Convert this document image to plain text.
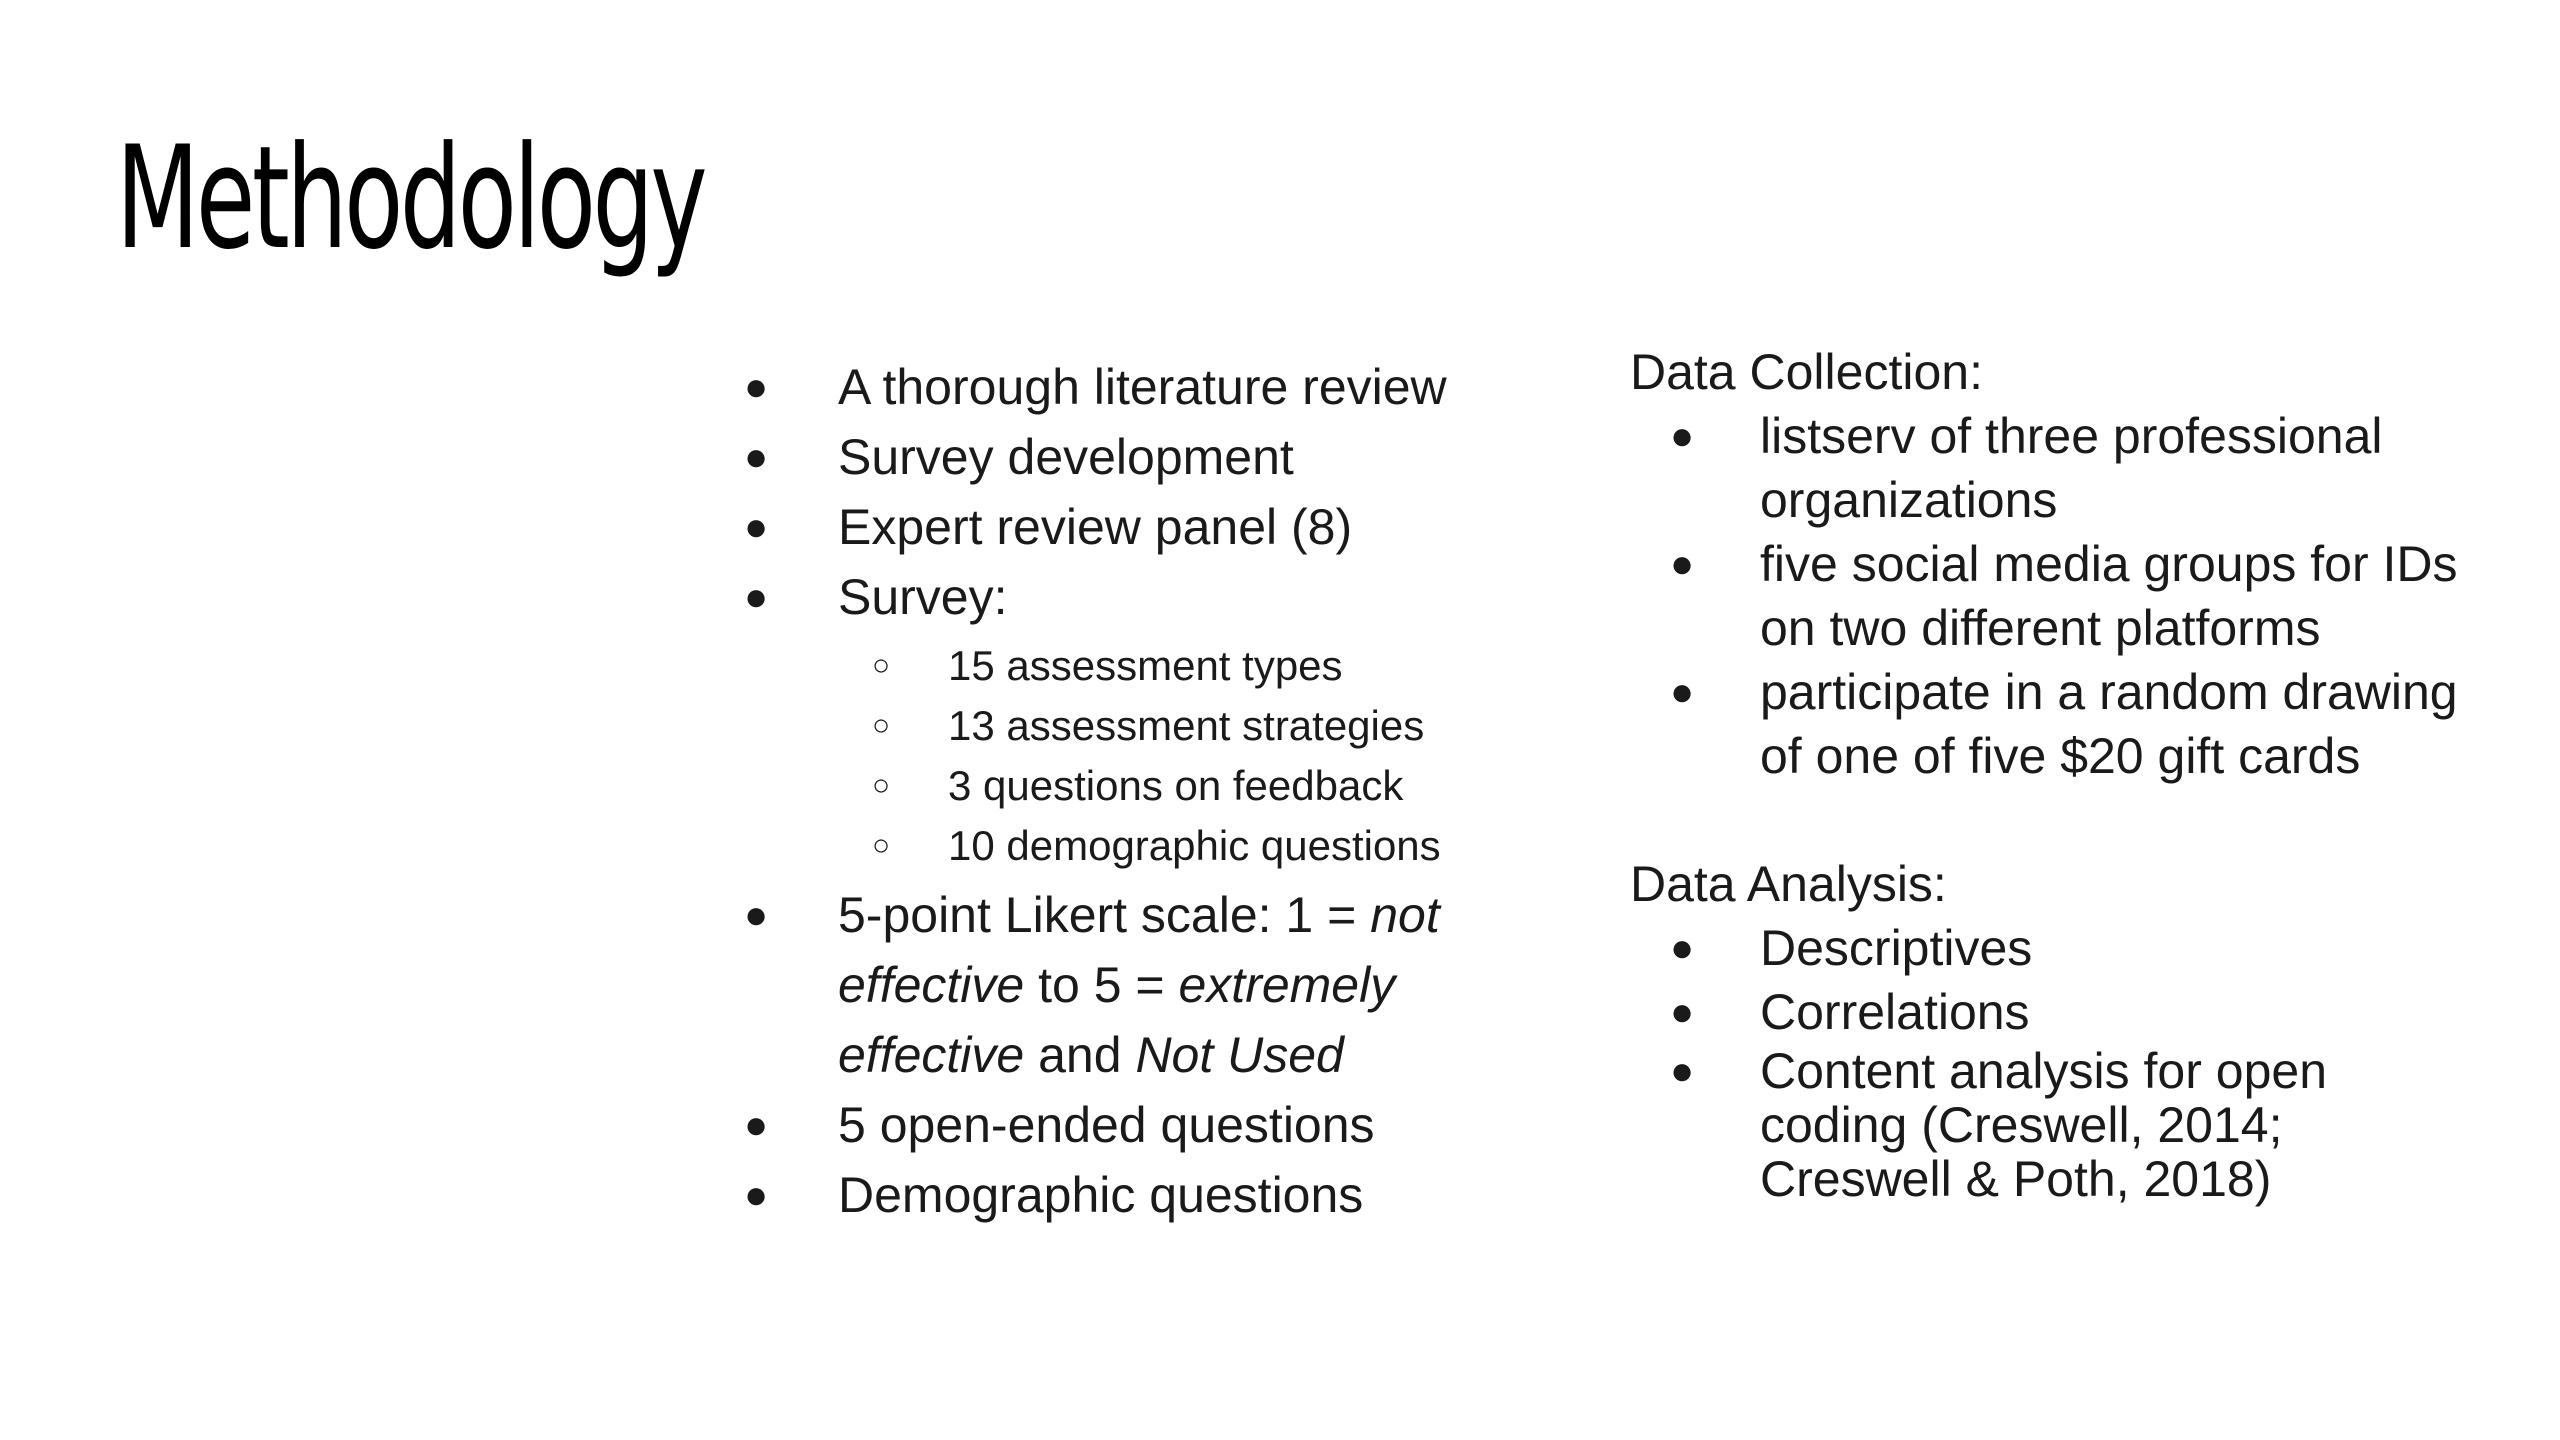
Methodology
● A thorough literature review
● Survey development
● Expert review panel (8)
● Survey:
○ 15 assessment types
○ 13 assessment strategies
○ 3 questions on feedback
○ 10 demographic questions
● 5-point Likert scale: 1 = not effective to 5 = extremely effective and Not Used
● 5 open-ended questions
● Demographic questions
Data Collection:
● listserv of three professional organizations
● five social media groups for IDs on two different platforms
● participate in a random drawing of one of five $20 gift cards
Data Analysis:
● Descriptives
● Correlations
● Content analysis for open coding (Creswell, 2014; Creswell & Poth, 2018)
